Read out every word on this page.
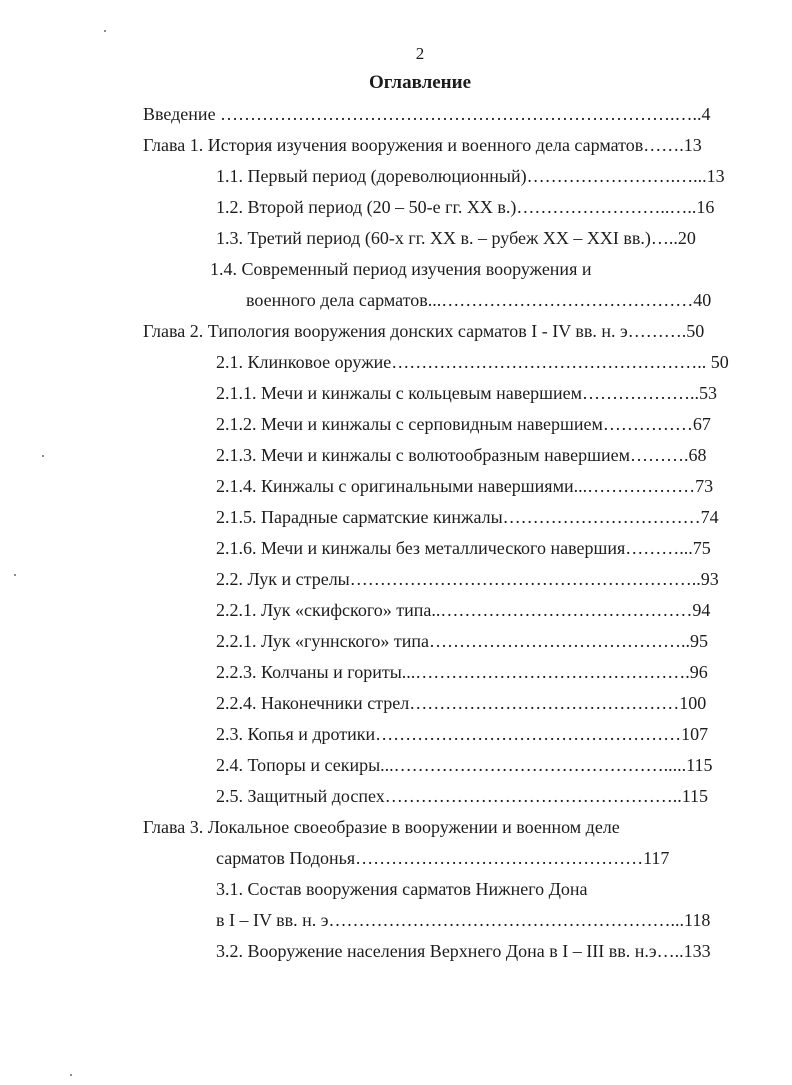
2
Оглавление
Введение ………………………………………………………………….…..4
Глава 1. История изучения вооружения и военного дела сарматов…….13
1.1. Первый период (дореволюционный)…………………….…...13
1.2. Второй период (20 – 50-е гг. XX в.)……………………..…..16
1.3. Третий период (60-х гг. XX в. – рубеж XX – XXI вв.)…..20
1.4. Современный период изучения вооружения и
военного дела сарматов...……………………………………40
Глава 2. Типология вооружения донских сарматов I - IV вв. н. э……….50
2.1. Клинковое оружие…………………………………………….. 50
2.1.1. Мечи и кинжалы с кольцевым навершием………………..53
2.1.2. Мечи и кинжалы с серповидным навершием……………67
2.1.3. Мечи и кинжалы с волютообразным навершием……….68
2.1.4. Кинжалы с оригинальными навершиями...………………73
2.1.5. Парадные сарматские кинжалы……………………………74
2.1.6. Мечи и кинжалы без металлического навершия………...75
2.2. Лук и стрелы…………………………………………………..93
2.2.1. Лук «скифского» типа..……………………………………94
2.2.1. Лук «гуннского» типа……………………………………..95
2.2.3. Колчаны и гориты...……………………………………….96
2.2.4. Наконечники стрел………………………………………100
2.3. Копья и дротики……………………………………………107
2.4. Топоры и секиры...……………………………………….....115
2.5. Защитный доспех…………………………………………..115
Глава 3. Локальное своеобразие в вооружении и военном деле
сарматов Подонья…………………………………………117
3.1. Состав вооружения сарматов Нижнего Дона
в I – IV вв. н. э…………………………………………………...118
3.2. Вооружение населения Верхнего Дона в I – III вв. н.э…..133
